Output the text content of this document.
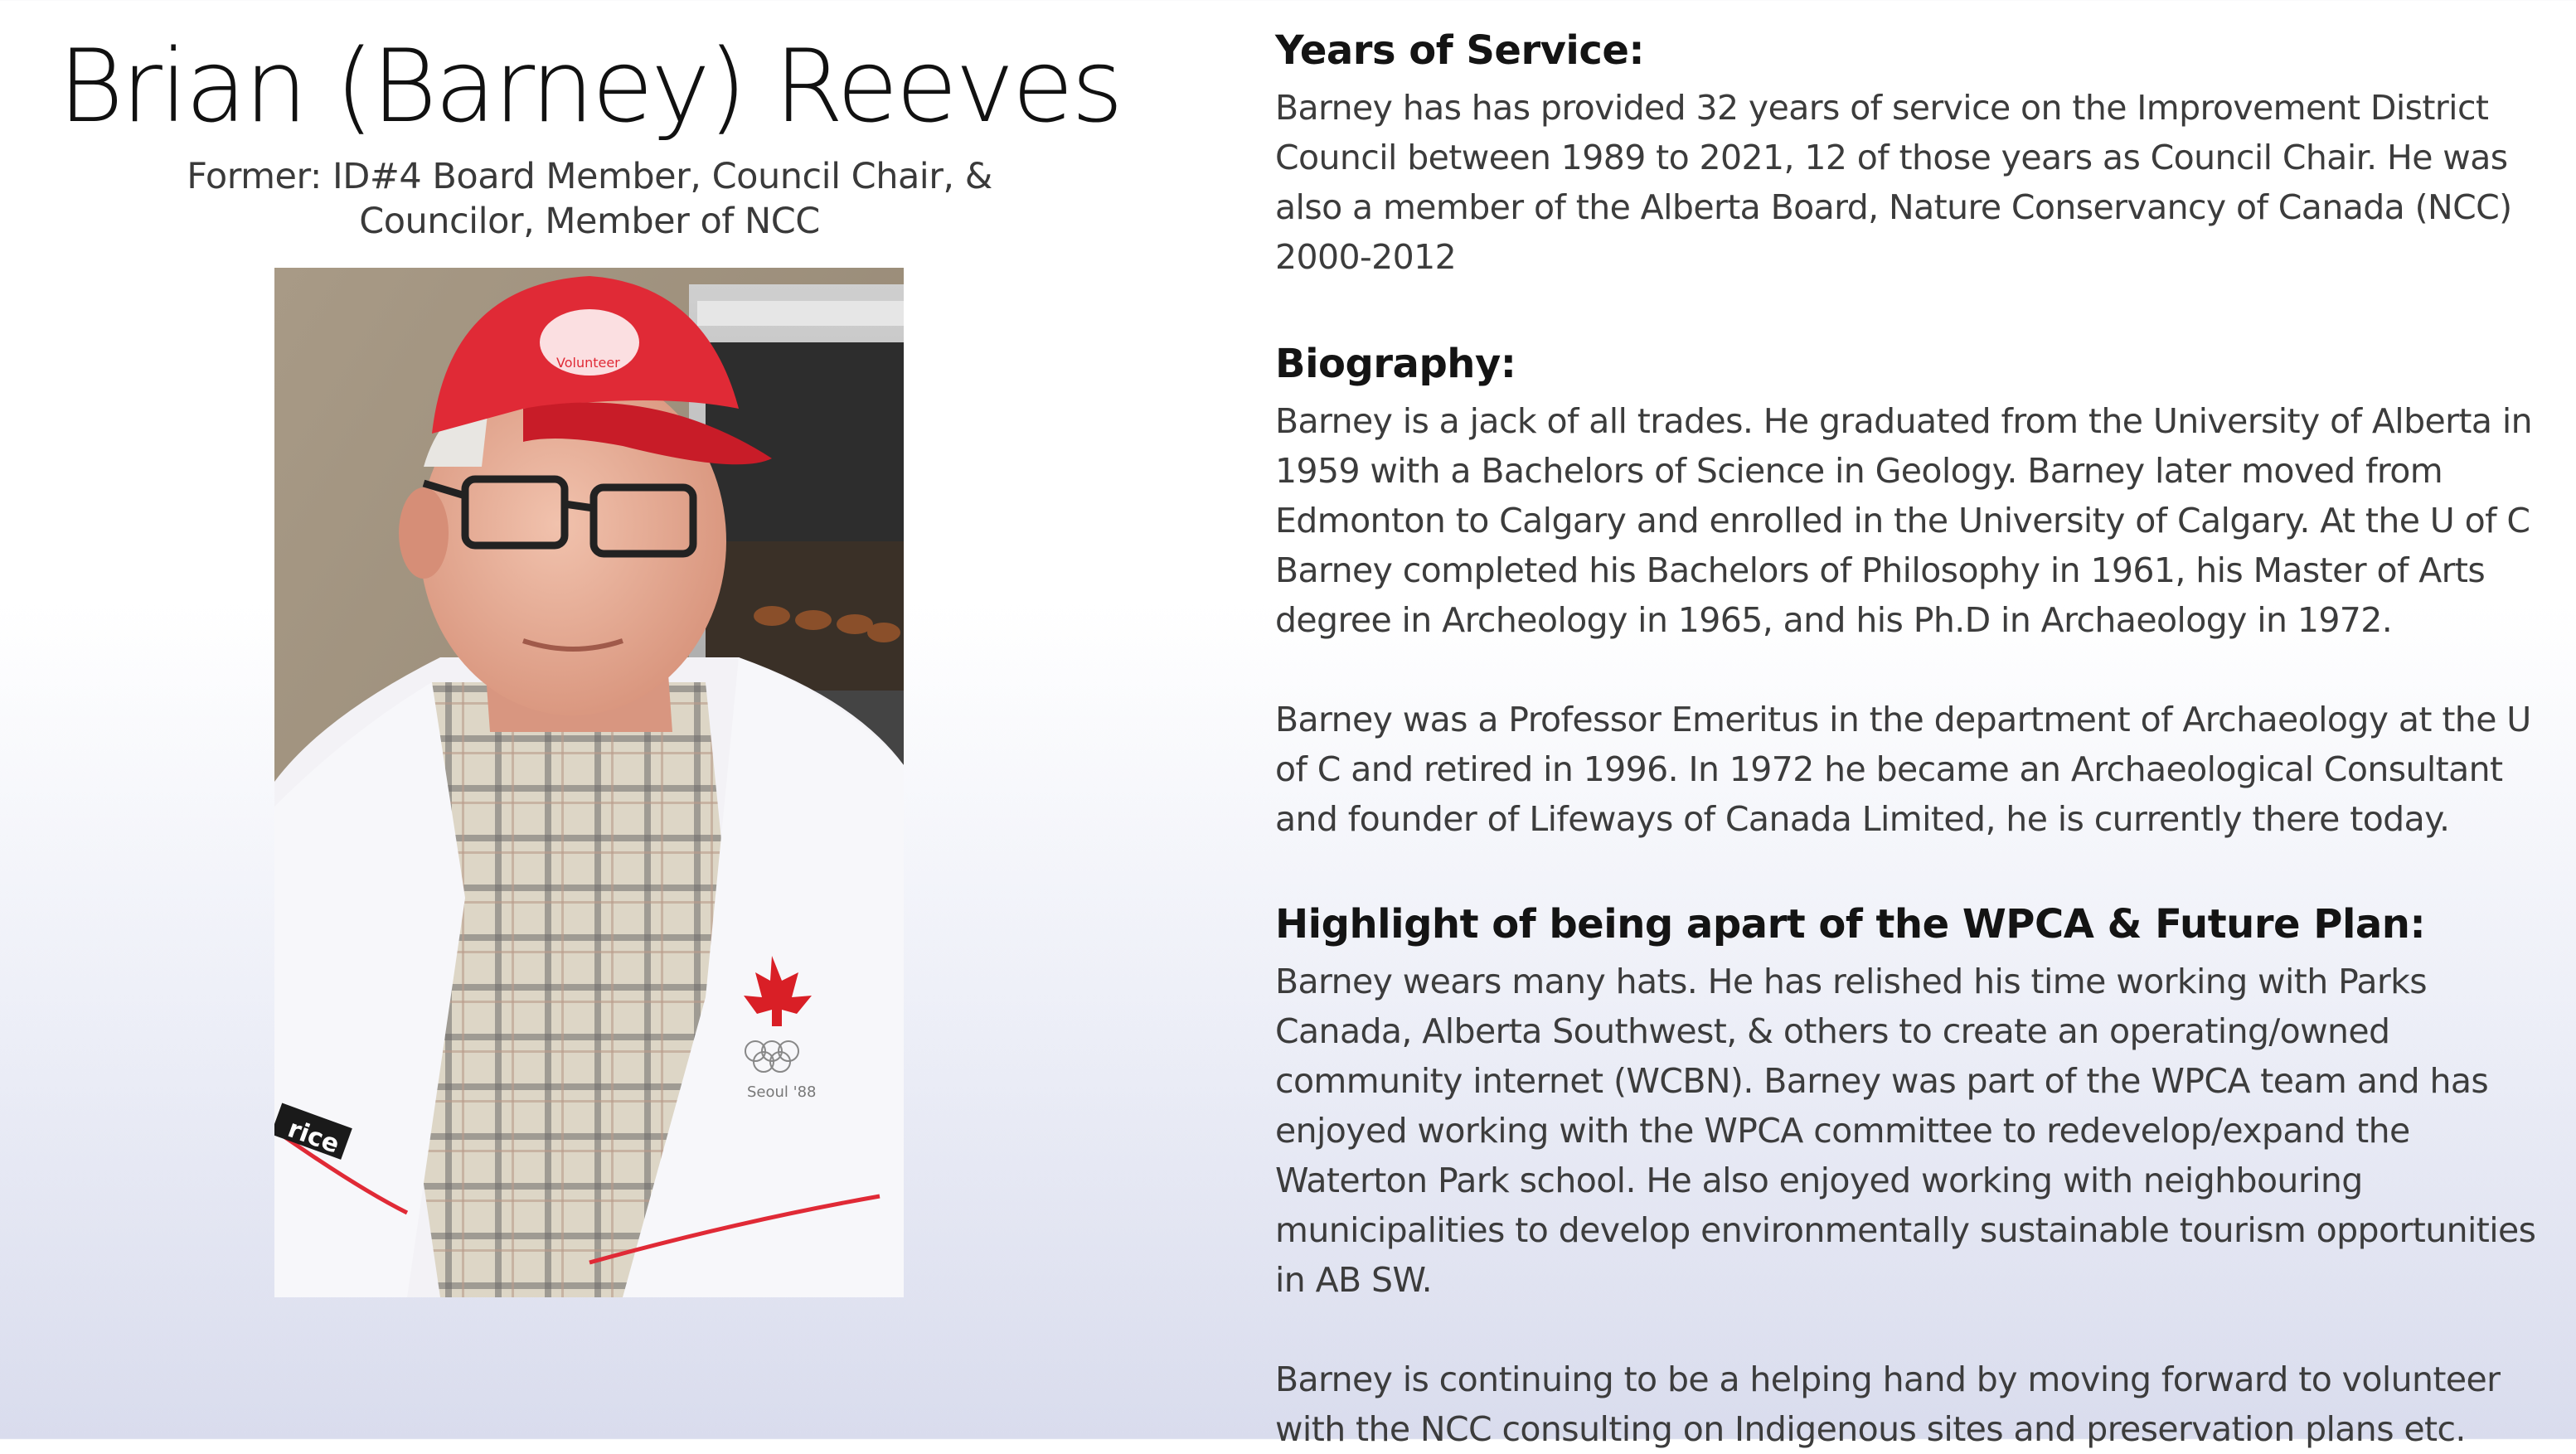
Brian (Barney) Reeves
Former: ID#4 Board Member, Council Chair, & Councilor, Member of NCC
rice
Seoul '88
Volunteer
Years of Service:

Barney has has provided 32 years of service on the Improvement District Council between 1989 to 2021, 12 of those years as Council Chair. He was also a member of the Alberta Board, Nature Conservancy of Canada (NCC) 2000-2012

Biography:

Barney is a jack of all trades. He graduated from the University of Alberta in 1959 with a Bachelors of Science in Geology. Barney later moved from Edmonton to Calgary and enrolled in the University of Calgary. At the U of C Barney completed his Bachelors of Philosophy in 1961, his Master of Arts degree in Archeology in 1965, and his Ph.D in Archaeology in 1972.

Barney was a Professor Emeritus in the department of Archaeology at the U of C and retired in 1996. In 1972 he became an Archaeological Consultant and founder of Lifeways of Canada Limited, he is currently there today.

Highlight of being apart of the WPCA & Future Plan:

Barney wears many hats. He has relished his time working with Parks Canada, Alberta Southwest, & others to create an operating/owned community internet (WCBN). Barney was part of the WPCA team and has enjoyed working with the WPCA committee to redevelop/expand the Waterton Park school. He also enjoyed working with neighbouring municipalities to develop environmentally sustainable tourism opportunities in AB SW.

Barney is continuing to be a helping hand by moving forward to volunteer with the NCC consulting on Indigenous sites and preservation plans etc.
